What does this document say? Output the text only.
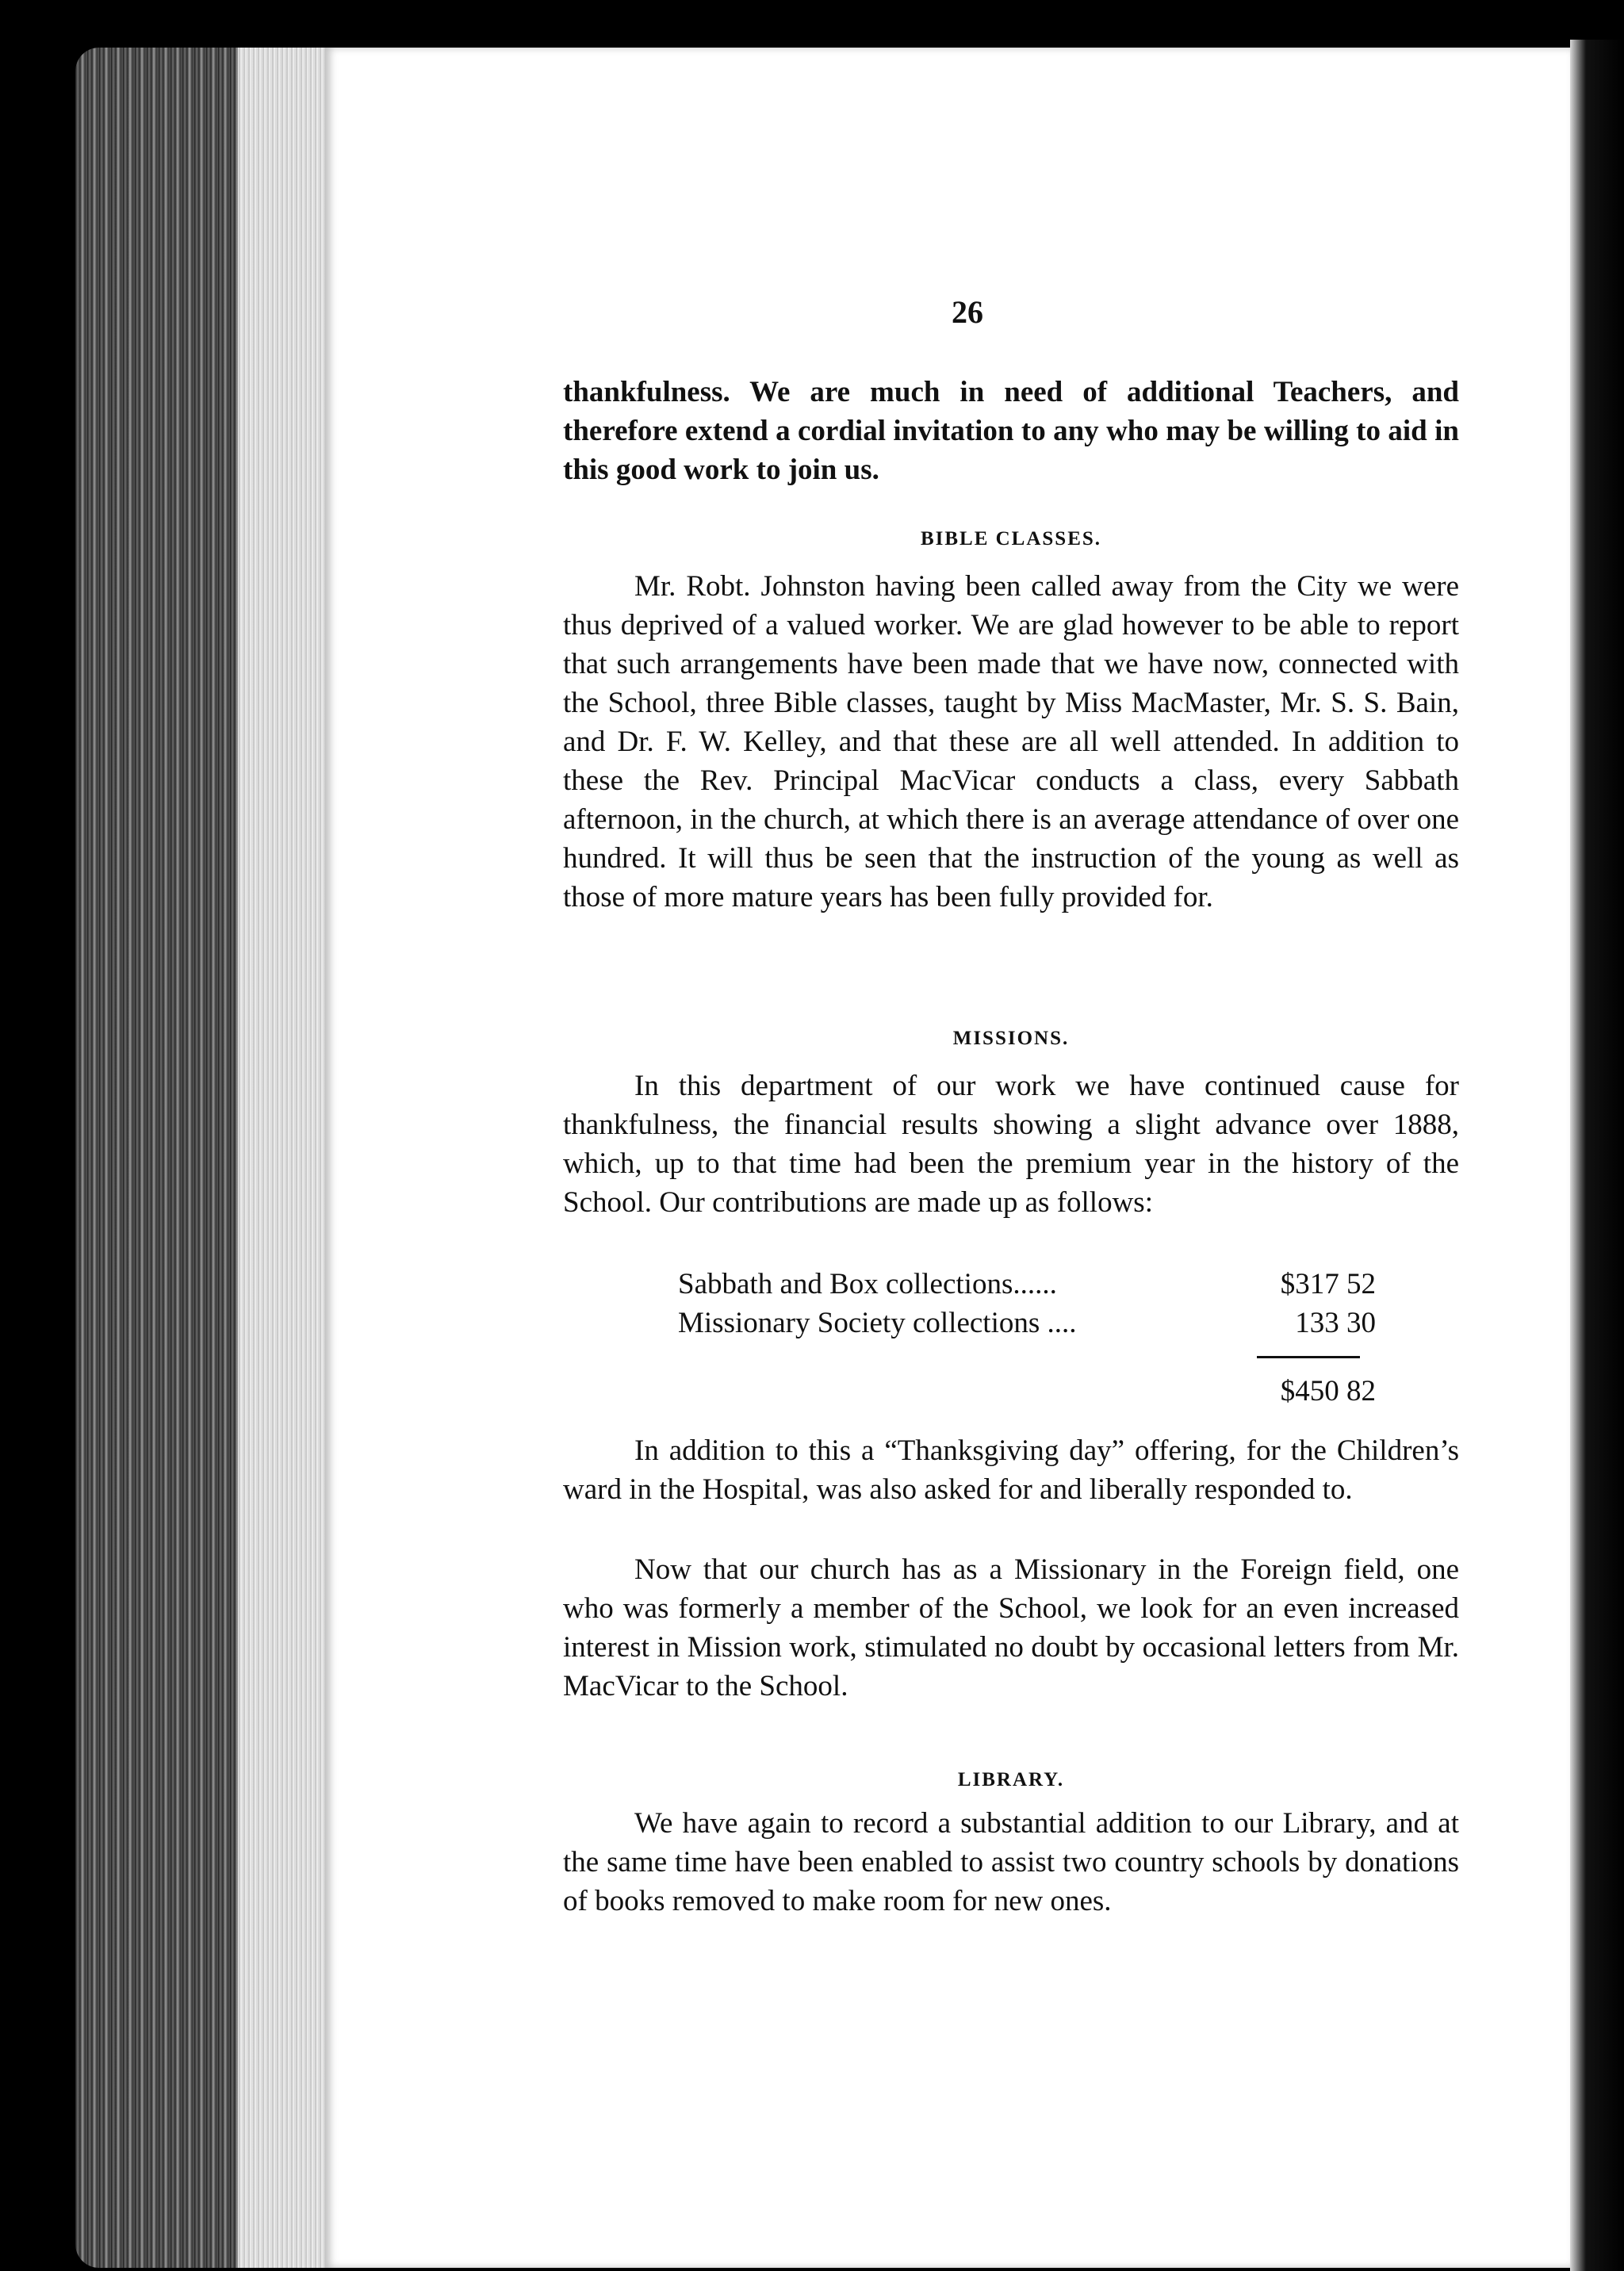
26

thankfulness. We are much in need of additional Teachers, and therefore extend a cordial invitation to any who may be willing to aid in this good work to join us.

BIBLE CLASSES.

Mr. Robt. Johnston having been called away from the City we were thus deprived of a valued worker. We are glad however to be able to report that such arrangements have been made that we have now, connected with the School, three Bible classes, taught by Miss MacMaster, Mr. S. S. Bain, and Dr. F. W. Kelley, and that these are all well attended. In addition to these the Rev. Principal MacVicar conducts a class, every Sabbath afternoon, in the church, at which there is an average attendance of over one hundred. It will thus be seen that the instruction of the young as well as those of more mature years has been fully provided for.

MISSIONS.

In this department of our work we have continued cause for thankfulness, the financial results showing a slight advance over 1888, which, up to that time had been the premium year in the history of the School. Our contributions are made up as follows:

Sabbath and Box collections......	$317 52
Missionary Society collections ....	133 30
$450 82

In addition to this a “Thanksgiving day” offering, for the Children’s ward in the Hospital, was also asked for and liberally responded to.

Now that our church has as a Missionary in the Foreign field, one who was formerly a member of the School, we look for an even increased interest in Mission work, stimulated no doubt by occasional letters from Mr. MacVicar to the School.

LIBRARY.

We have again to record a substantial addition to our Library, and at the same time have been enabled to assist two country schools by donations of books removed to make room for new ones.
